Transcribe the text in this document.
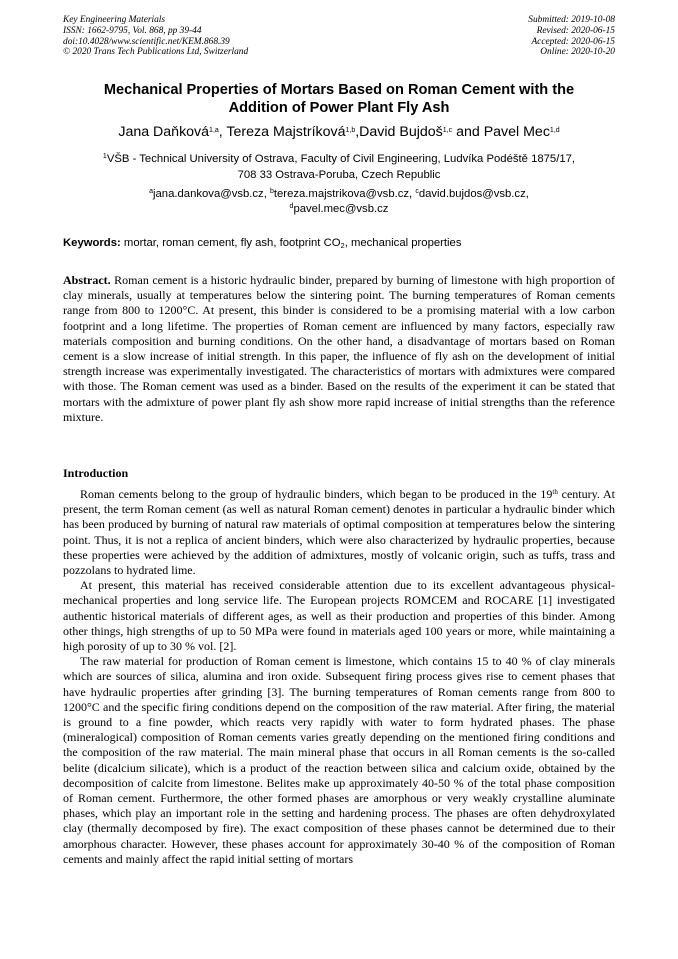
Key Engineering Materials
ISSN: 1662-9795, Vol. 868, pp 39-44
doi:10.4028/www.scientific.net/KEM.868.39
© 2020 Trans Tech Publications Ltd, Switzerland
Submitted: 2019-10-08
Revised: 2020-06-15
Accepted: 2020-06-15
Online: 2020-10-20
Mechanical Properties of Mortars Based on Roman Cement with the
Addition of Power Plant Fly Ash
Jana Daňková$^{1,a}$, Tereza Majstríková$^{1,b}$,David Bujdoš$^{1,c}$ and Pavel Mec$^{1,d}$
$^1$VŠB - Technical University of Ostrava, Faculty of Civil Engineering, Ludvíka Podéště 1875/17,
708 33 Ostrava-Poruba, Czech Republic
$^a$jana.dankova@vsb.cz, $^b$tereza.majstrikova@vsb.cz, $^c$david.bujdos@vsb.cz,
$^d$pavel.mec@vsb.cz
Keywords: mortar, roman cement, fly ash, footprint $CO_2$, mechanical properties
Abstract. Roman cement is a historic hydraulic binder, prepared by burning of limestone with high proportion of clay minerals, usually at temperatures below the sintering point. The burning temperatures of Roman cements range from 800 to 1200°C. At present, this binder is considered to be a promising material with a low carbon footprint and a long lifetime. The properties of Roman cement are influenced by many factors, especially raw materials composition and burning conditions. On the other hand, a disadvantage of mortars based on Roman cement is a slow increase of initial strength. In this paper, the influence of fly ash on the development of initial strength increase was experimentally investigated. The characteristics of mortars with admixtures were compared with those. The Roman cement was used as a binder. Based on the results of the experiment it can be stated that mortars with the admixture of power plant fly ash show more rapid increase of initial strengths than the reference mixture.
Introduction

Roman cements belong to the group of hydraulic binders, which began to be produced in the 19th century. At present, the term Roman cement (as well as natural Roman cement) denotes in particular a hydraulic binder which has been produced by burning of natural raw materials of optimal composition at temperatures below the sintering point. Thus, it is not a replica of ancient binders, which were also characterized by hydraulic properties, because these properties were achieved by the addition of admixtures, mostly of volcanic origin, such as tuffs, trass and pozzolans to hydrated lime.

At present, this material has received considerable attention due to its excellent advantageous physical-mechanical properties and long service life. The European projects ROMCEM and ROCARE [1] investigated authentic historical materials of different ages, as well as their production and properties of this binder. Among other things, high strengths of up to 50 MPa were found in materials aged 100 years or more, while maintaining a high porosity of up to 30 % vol. [2].

The raw material for production of Roman cement is limestone, which contains 15 to 40 % of clay minerals which are sources of silica, alumina and iron oxide. Subsequent firing process gives rise to cement phases that have hydraulic properties after grinding [3]. The burning temperatures of Roman cements range from 800 to 1200°C and the specific firing conditions depend on the composition of the raw material. After firing, the material is ground to a fine powder, which reacts very rapidly with water to form hydrated phases. The phase (mineralogical) composition of Roman cements varies greatly depending on the mentioned firing conditions and the composition of the raw material. The main mineral phase that occurs in all Roman cements is the so-called belite (dicalcium silicate), which is a product of the reaction between silica and calcium oxide, obtained by the decomposition of calcite from limestone. Belites make up approximately 40-50 % of the total phase composition of Roman cement. Furthermore, the other formed phases are amorphous or very weakly crystalline aluminate phases, which play an important role in the setting and hardening process. The phases are often dehydroxylated clay (thermally decomposed by fire). The exact composition of these phases cannot be determined due to their amorphous character. However, these phases account for approximately 30-40 % of the composition of Roman cements and mainly affect the rapid initial setting of mortars
